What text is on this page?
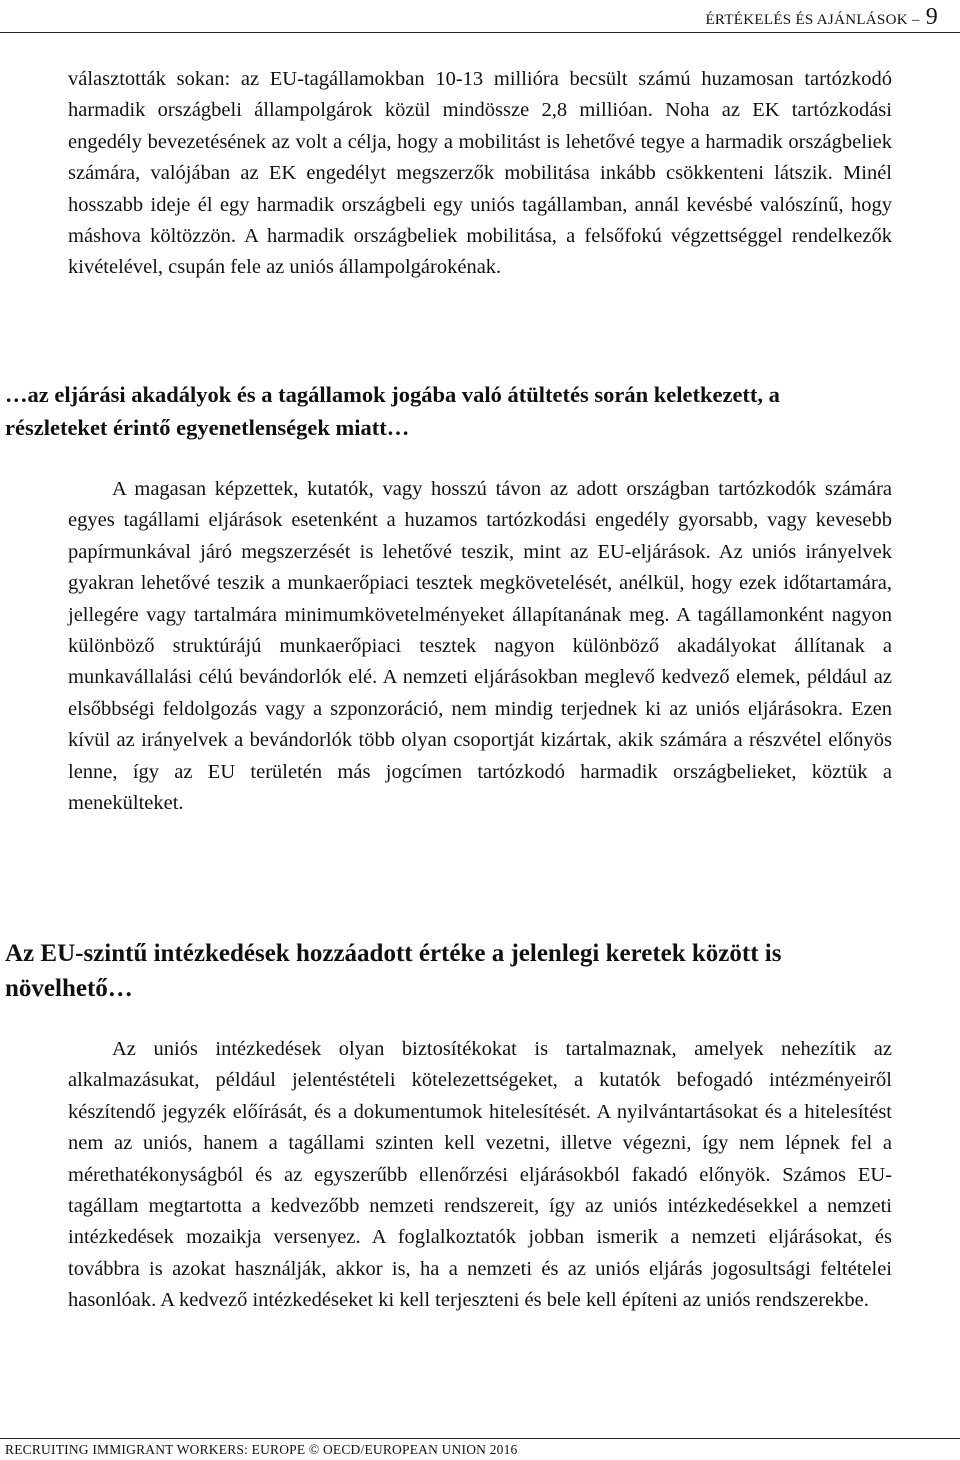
ÉRTÉKELÉS ÉS AJÁNLÁSOK – 9

választották sokan: az EU-tagállamokban 10-13 millióra becsült számú huzamosan tartózkodó harmadik országbeli állampolgárok közül mindössze 2,8 millióan. Noha az EK tartózkodási engedély bevezetésének az volt a célja, hogy a mobilitást is lehetővé tegye a harmadik országbeliek számára, valójában az EK engedélyt megszerzők mobilitása inkább csökkenteni látszik. Minél hosszabb ideje él egy harmadik országbeli egy uniós tagállamban, annál kevésbé valószínű, hogy máshova költözzön. A harmadik országbeliek mobilitása, a felsőfokú végzettséggel rendelkezők kivételével, csupán fele az uniós állampolgárokénak.

…az eljárási akadályok és a tagállamok jogába való átültetés során keletkezett, a részleteket érintő egyenetlenségek miatt…

A magasan képzettek, kutatók, vagy hosszú távon az adott országban tartózkodók számára egyes tagállami eljárások esetenként a huzamos tartózkodási engedély gyorsabb, vagy kevesebb papírmunkával járó megszerzését is lehetővé teszik, mint az EU-eljárások. Az uniós irányelvek gyakran lehetővé teszik a munkaerőpiaci tesztek megkövetelését, anélkül, hogy ezek időtartamára, jellegére vagy tartalmára minimumkövetelményeket állapítanának meg. A tagállamonként nagyon különböző struktúrájú munkaerőpiaci tesztek nagyon különböző akadályokat állítanak a munkavállalási célú bevándorlók elé. A nemzeti eljárásokban meglevő kedvező elemek, például az elsőbbségi feldolgozás vagy a szponzoráció, nem mindig terjednek ki az uniós eljárásokra. Ezen kívül az irányelvek a bevándorlók több olyan csoportját kizártak, akik számára a részvétel előnyös lenne, így az EU területén más jogcímen tartózkodó harmadik országbelieket, köztük a menekülteket.

Az EU-szintű intézkedések hozzáadott értéke a jelenlegi keretek között is növelhető…

Az uniós intézkedések olyan biztosítékokat is tartalmaznak, amelyek nehezítik az alkalmazásukat, például jelentéstételi kötelezettségeket, a kutatók befogadó intézményeiről készítendő jegyzék előírását, és a dokumentumok hitelesítését. A nyilvántartásokat és a hitelesítést nem az uniós, hanem a tagállami szinten kell vezetni, illetve végezni, így nem lépnek fel a mérethatékonyságból és az egyszerűbb ellenőrzési eljárásokból fakadó előnyök. Számos EU-tagállam megtartotta a kedvezőbb nemzeti rendszereit, így az uniós intézkedésekkel a nemzeti intézkedések mozaikja versenyez. A foglalkoztatók jobban ismerik a nemzeti eljárásokat, és továbbra is azokat használják, akkor is, ha a nemzeti és az uniós eljárás jogosultsági feltételei hasonlóak. A kedvező intézkedéseket ki kell terjeszteni és bele kell építeni az uniós rendszerekbe.

RECRUITING IMMIGRANT WORKERS: EUROPE © OECD/EUROPEAN UNION 2016
